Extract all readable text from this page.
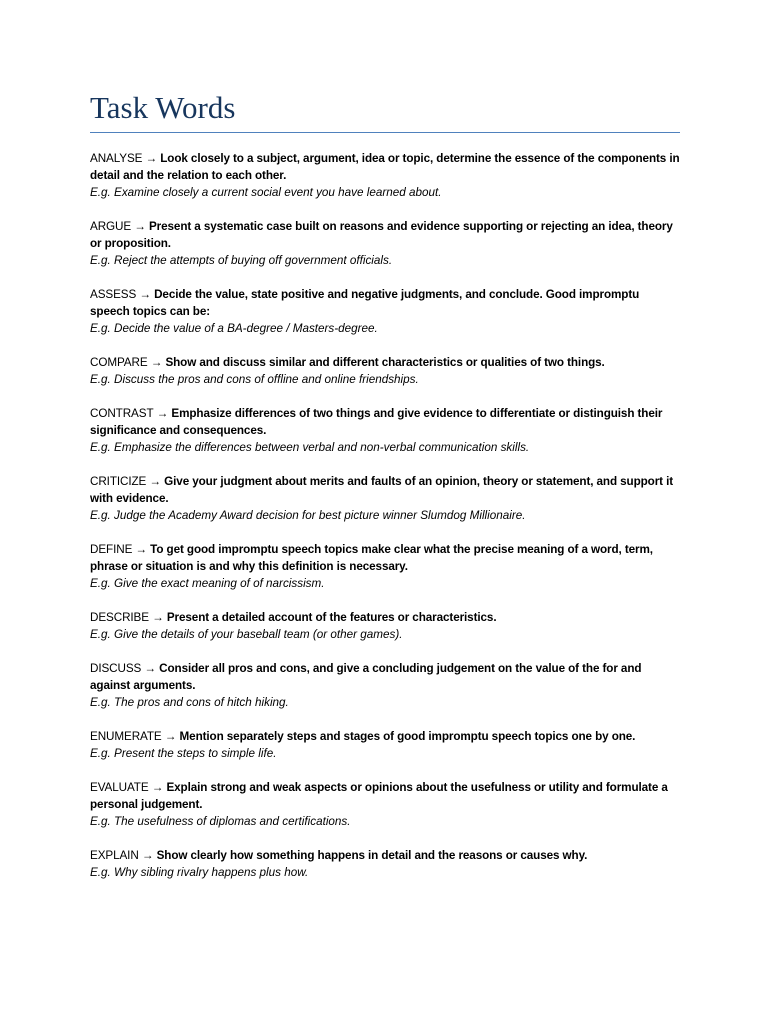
Task Words
ANALYSE → Look closely to a subject, argument, idea or topic, determine the essence of the components in detail and the relation to each other.
E.g. Examine closely a current social event you have learned about.
ARGUE → Present a systematic case built on reasons and evidence supporting or rejecting an idea, theory or proposition.
E.g. Reject the attempts of buying off government officials.
ASSESS → Decide the value, state positive and negative judgments, and conclude. Good impromptu speech topics can be:
E.g. Decide the value of a BA-degree / Masters-degree.
COMPARE → Show and discuss similar and different characteristics or qualities of two things.
E.g. Discuss the pros and cons of offline and online friendships.
CONTRAST → Emphasize differences of two things and give evidence to differentiate or distinguish their significance and consequences.
E.g. Emphasize the differences between verbal and non-verbal communication skills.
CRITICIZE → Give your judgment about merits and faults of an opinion, theory or statement, and support it with evidence.
E.g. Judge the Academy Award decision for best picture winner Slumdog Millionaire.
DEFINE → To get good impromptu speech topics make clear what the precise meaning of a word, term, phrase or situation is and why this definition is necessary.
E.g. Give the exact meaning of of narcissism.
DESCRIBE → Present a detailed account of the features or characteristics.
E.g. Give the details of your baseball team (or other games).
DISCUSS → Consider all pros and cons, and give a concluding judgement on the value of the for and against arguments.
E.g. The pros and cons of hitch hiking.
ENUMERATE → Mention separately steps and stages of good impromptu speech topics one by one.
E.g. Present the steps to simple life.
EVALUATE → Explain strong and weak aspects or opinions about the usefulness or utility and formulate a personal judgement.
E.g. The usefulness of diplomas and certifications.
EXPLAIN → Show clearly how something happens in detail and the reasons or causes why.
E.g. Why sibling rivalry happens plus how.
